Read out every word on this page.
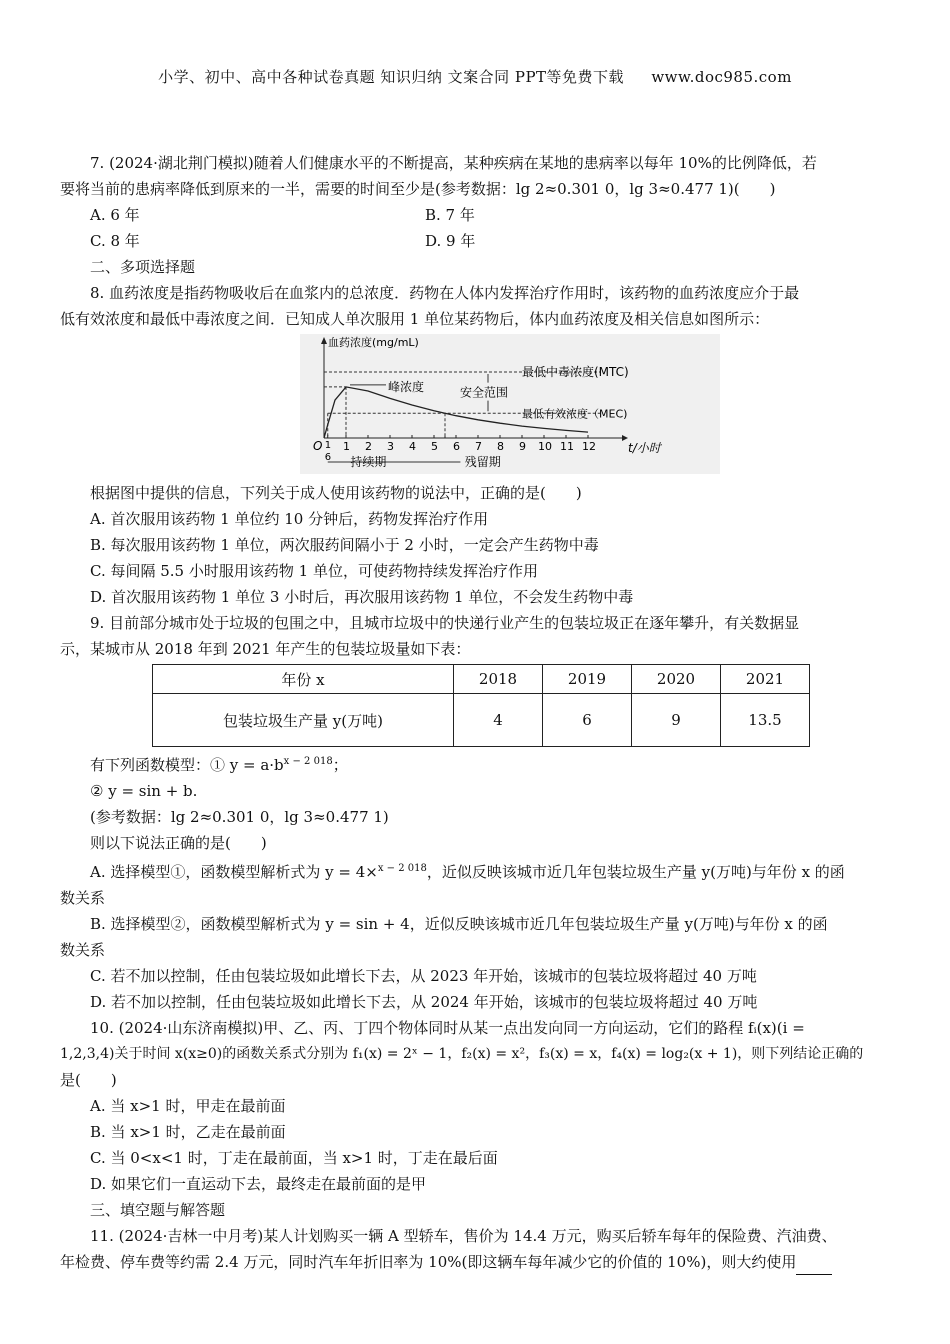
小学、初中、高中各种试卷真题 知识归纳 文案合同 PPT等免费下载 www.doc985.com

7. (2024·湖北荆门模拟)随着人们健康水平的不断提高，某种疾病在某地的患病率以每年 10%的比例降低，若

要将当前的患病率降低到原来的一半，需要的时间至少是(参考数据：lg 2≈0.301 0，lg 3≈0.477 1)(　　)

A. 6 年	B. 7 年
C. 8 年	D. 9 年

二、多项选择题

8. 血药浓度是指药物吸收后在血浆内的总浓度．药物在人体内发挥治疗作用时，该药物的血药浓度应介于最

低有效浓度和最低中毒浓度之间．已知成人单次服用 1 单位某药物后，体内血药浓度及相关信息如图所示：

血药浓度(mg/mL)
t/小时
O 1
6
1 2 3 4 5 6 7 8 9 10 11 12
最低中毒浓度(MTC)
峰浓度	安全范围
最低有效浓度（MEC)
持续期	残留期

根据图中提供的信息，下列关于成人使用该药物的说法中，正确的是(　　)

A. 首次服用该药物 1 单位约 10 分钟后，药物发挥治疗作用

B. 每次服用该药物 1 单位，两次服药间隔小于 2 小时，一定会产生药物中毒

C. 每间隔 5.5 小时服用该药物 1 单位，可使药物持续发挥治疗作用

D. 首次服用该药物 1 单位 3 小时后，再次服用该药物 1 单位，不会发生药物中毒

9. 目前部分城市处于垃圾的包围之中，且城市垃圾中的快递行业产生的包装垃圾正在逐年攀升，有关数据显

示，某城市从 2018 年到 2021 年产生的包装垃圾量如下表：

年份 x	2018	2019	2020	2021
包装垃圾生产量 y(万吨)	4	6	9	13.5

有下列函数模型：① $y = a\cdot b^{x - 2 018}$；

② y = sin + b.

(参考数据：lg 2≈0.301 0，lg 3≈0.477 1)

则以下说法正确的是(　　)

A. 选择模型①，函数模型解析式为 y = 4×$^{x - 2 018}$，近似反映该城市近几年包装垃圾生产量 y(万吨)与年份 x 的函

数关系

B. 选择模型②，函数模型解析式为 y = sin + 4，近似反映该城市近几年包装垃圾生产量 y(万吨)与年份 x 的函

数关系

C. 若不加以控制，任由包装垃圾如此增长下去，从 2023 年开始，该城市的包装垃圾将超过 40 万吨

D. 若不加以控制，任由包装垃圾如此增长下去，从 2024 年开始，该城市的包装垃圾将超过 40 万吨

10. (2024·山东济南模拟)甲、乙、丙、丁四个物体同时从某一点出发向同一方向运动，它们的路程 fᵢ(x)(i =

1,2,3,4)关于时间 x(x≥0)的函数关系式分别为 f₁(x) = 2ˣ − 1，f₂(x) = x²，f₃(x) = x，f₄(x) = log₂(x + 1)，则下列结论正确的

是(　　)

A. 当 x>1 时，甲走在最前面

B. 当 x>1 时，乙走在最前面

C. 当 0<x<1 时，丁走在最前面，当 x>1 时，丁走在最后面

D. 如果它们一直运动下去，最终走在最前面的是甲

三、填空题与解答题

11. (2024·吉林一中月考)某人计划购买一辆 A 型轿车，售价为 14.4 万元，购买后轿车每年的保险费、汽油费、

年检费、停车费等约需 2.4 万元，同时汽车年折旧率为 10%(即这辆车每年减少它的价值的 10%)，则大约使用
